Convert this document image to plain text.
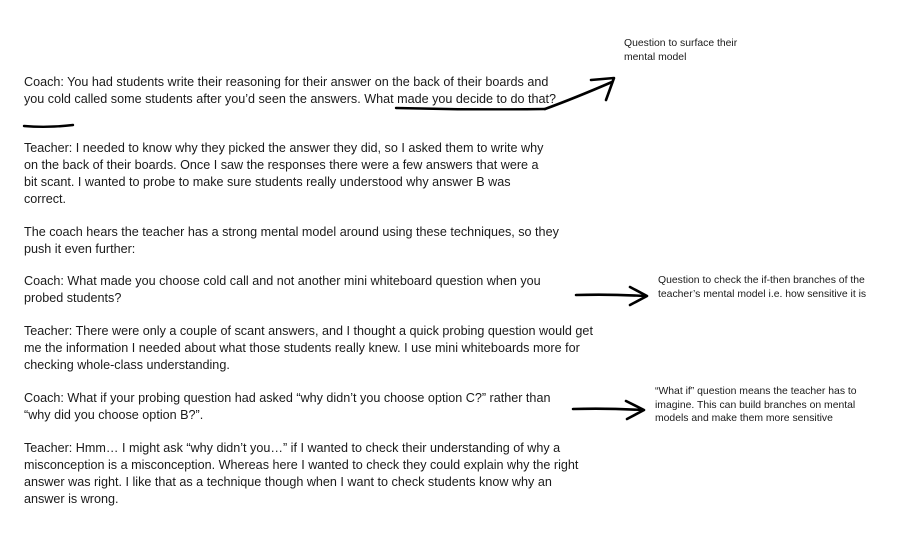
Coach: You had students write their reasoning for their answer on the back of their boards and you cold called some students after you’d seen the answers. What made you decide to do that?

Teacher: I needed to know why they picked the answer they did, so I asked them to write why on the back of their boards. Once I saw the responses there were a few answers that were a bit scant. I wanted to probe to make sure students really understood why answer B was correct.

The coach hears the teacher has a strong mental model around using these techniques, so they push it even further:

Coach: What made you choose cold call and not another mini whiteboard question when you probed students?

Teacher: There were only a couple of scant answers, and I thought a quick probing question would get me the information I needed about what those students really knew. I use mini whiteboards more for checking whole-class understanding.

Coach: What if your probing question had asked “why didn’t you choose option C?” rather than “why did you choose option B?”.

Teacher: Hmm… I might ask “why didn’t you…” if I wanted to check their understanding of why a misconception is a misconception. Whereas here I wanted to check they could explain why the right answer was right. I like that as a technique though when I want to check students know why an answer is wrong.

Question to surface their mental model

Question to check the if-then branches of the teacher’s mental model i.e. how sensitive it is

“What if” question means the teacher has to imagine. This can build branches on mental models and make them more sensitive
